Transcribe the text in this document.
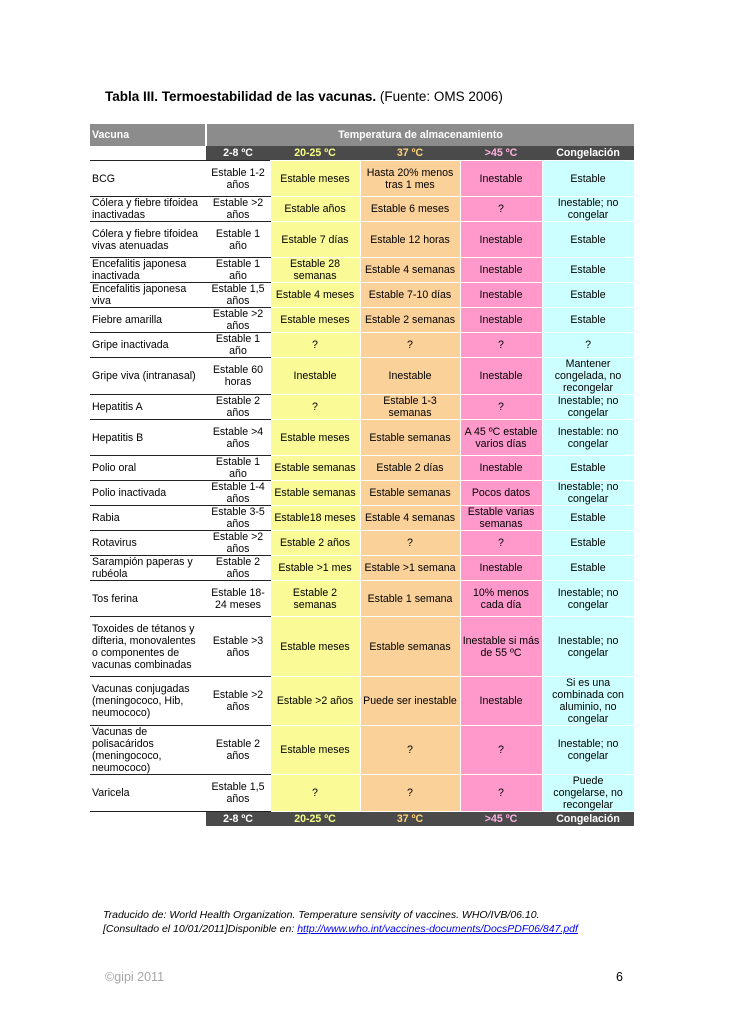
Tabla III. Termoestabilidad de las vacunas. (Fuente: OMS 2006)
Vacuna	Temperatura de almacenamiento				
	2-8 ºC	20-25 ºC	37 ºC	>45 ºC	Congelación
BCG	Estable 1-2 años	Estable meses	Hasta 20% menos tras 1 mes	Inestable	Estable
Cólera y fiebre tifoidea inactivadas	Estable >2 años	Estable años	Estable 6 meses	?	Inestable; no congelar
Cólera y fiebre tifoidea vivas atenuadas	Estable 1 año	Estable 7 días	Estable 12 horas	Inestable	Estable
Encefalitis japonesa inactivada	Estable 1 año	Estable 28 semanas	Estable 4 semanas	Inestable	Estable
Encefalitis japonesa viva	Estable 1,5 años	Estable 4 meses	Estable 7-10 días	Inestable	Estable
Fiebre amarilla	Estable >2 años	Estable meses	Estable 2 semanas	Inestable	Estable
Gripe inactivada	Estable 1 año	?	?	?	?
Gripe viva (intranasal)	Estable 60 horas	Inestable	Inestable	Inestable	Mantener congelada, no recongelar
Hepatitis A	Estable 2 años	?	Estable 1-3 semanas	?	Inestable; no congelar
Hepatitis B	Estable >4 años	Estable meses	Estable semanas	A 45 ºC estable varios días	Inestable: no congelar
Polio oral	Estable 1 año	Estable semanas	Estable 2 días	Inestable	Estable
Polio inactivada	Estable 1-4 años	Estable semanas	Estable semanas	Pocos datos	Inestable; no congelar
Rabia	Estable 3-5 años	Estable18 meses	Estable 4 semanas	Estable varias semanas	Estable
Rotavirus	Estable >2 años	Estable 2 años	?	?	Estable
Sarampión paperas y rubéola	Estable 2 años	Estable >1 mes	Estable >1 semana	Inestable	Estable
Tos ferina	Estable 18-24 meses	Estable 2 semanas	Estable 1 semana	10% menos cada día	Inestable; no congelar
Toxoides de tétanos y difteria, monovalentes o componentes de vacunas combinadas	Estable >3 años	Estable meses	Estable semanas	Inestable si más de 55 ºC	Inestable; no congelar
Vacunas conjugadas (meningococo, Hib, neumococo)	Estable >2 años	Estable >2 años	Puede ser inestable	Inestable	Si es una combinada con aluminio, no congelar
Vacunas de polisacáridos (meningococo, neumococo)	Estable 2 años	Estable meses	?	?	Inestable; no congelar
Varicela	Estable 1,5 años	?	?	?	Puede congelarse, no recongelar
	2-8 ºC	20-25 ºC	37 ºC	>45 ºC	Congelación
Traducido de: World Health Organization. Temperature sensivity of vaccines. WHO/IVB/06.10.
[Consultado el 10/01/2011]Disponible en: http://www.who.int/vaccines-documents/DocsPDF06/847.pdf
©gipi 2011	6
